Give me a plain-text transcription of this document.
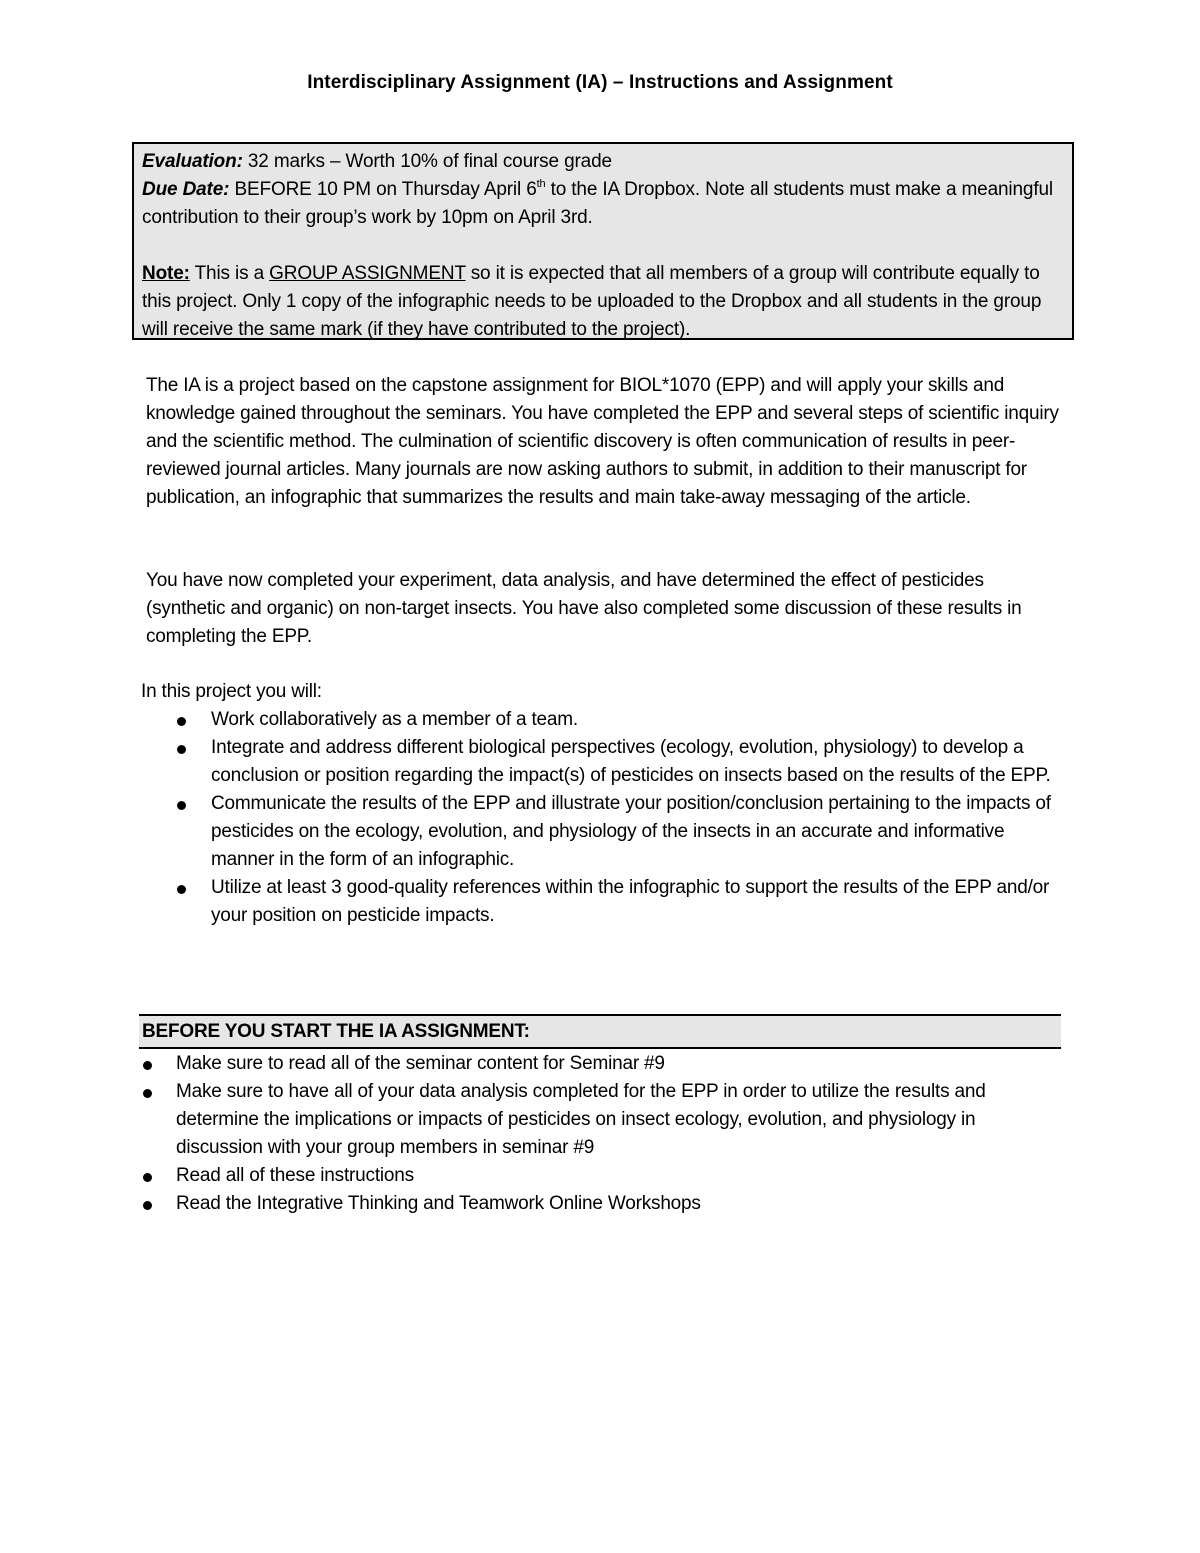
Interdisciplinary Assignment (IA) – Instructions and Assignment

Evaluation: 32 marks – Worth 10% of final course grade

Due Date: BEFORE 10 PM on Thursday April 6th to the IA Dropbox. Note all students must make a meaningful contribution to their group’s work by 10pm on April 3rd.

Note: This is a GROUP ASSIGNMENT so it is expected that all members of a group will contribute equally to this project. Only 1 copy of the infographic needs to be uploaded to the Dropbox and all students in the group will receive the same mark (if they have contributed to the project).

The IA is a project based on the capstone assignment for BIOL*1070 (EPP) and will apply your skills and knowledge gained throughout the seminars. You have completed the EPP and several steps of scientific inquiry and the scientific method. The culmination of scientific discovery is often communication of results in peer-reviewed journal articles. Many journals are now asking authors to submit, in addition to their manuscript for publication, an infographic that summarizes the results and main take-away messaging of the article.

You have now completed your experiment, data analysis, and have determined the effect of pesticides (synthetic and organic) on non-target insects. You have also completed some discussion of these results in completing the EPP.

In this project you will:

Work collaboratively as a member of a team.
Integrate and address different biological perspectives (ecology, evolution, physiology) to develop a conclusion or position regarding the impact(s) of pesticides on insects based on the results of the EPP.
Communicate the results of the EPP and illustrate your position/conclusion pertaining to the impacts of pesticides on the ecology, evolution, and physiology of the insects in an accurate and informative manner in the form of an infographic.
Utilize at least 3 good-quality references within the infographic to support the results of the EPP and/or your position on pesticide impacts.
BEFORE YOU START THE IA ASSIGNMENT:
Make sure to read all of the seminar content for Seminar #9
Make sure to have all of your data analysis completed for the EPP in order to utilize the results and determine the implications or impacts of pesticides on insect ecology, evolution, and physiology in discussion with your group members in seminar #9
Read all of these instructions
Read the Integrative Thinking and Teamwork Online Workshops
